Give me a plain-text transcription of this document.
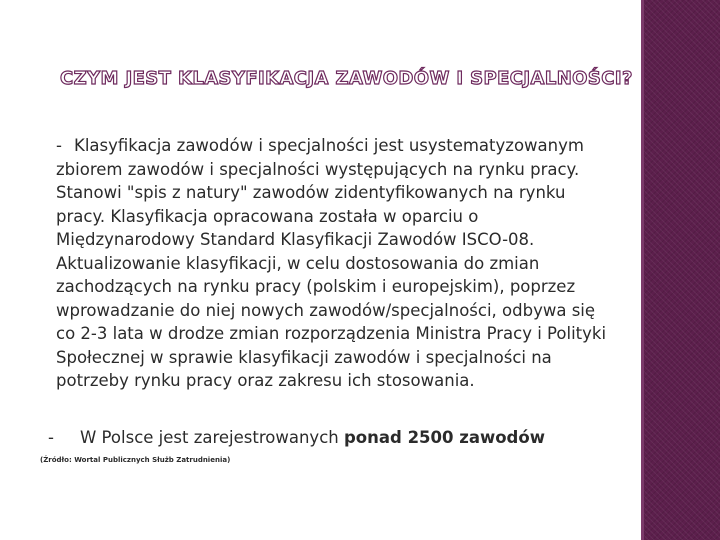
CZYM JEST KLASYFIKACJA ZAWODÓW I SPECJALNOŚCI?
- Klasyfikacja zawodów i specjalności jest usystematyzowanym zbiorem zawodów i specjalności występujących na rynku pracy. Stanowi "spis z natury" zawodów zidentyfikowanych na rynku pracy. Klasyfikacja opracowana została w oparciu o Międzynarodowy Standard Klasyfikacji Zawodów ISCO-08. Aktualizowanie klasyfikacji, w celu dostosowania do zmian zachodzących na rynku pracy (polskim i europejskim), poprzez wprowadzanie do niej nowych zawodów/specjalności, odbywa się co 2-3 lata w drodze zmian rozporządzenia Ministra Pracy i Polityki Społecznej w sprawie klasyfikacji zawodów i specjalności na potrzeby rynku pracy oraz zakresu ich stosowania.
- W Polsce jest zarejestrowanych ponad 2500 zawodów
(Źródło: Wortal Publicznych Służb Zatrudnienia)
